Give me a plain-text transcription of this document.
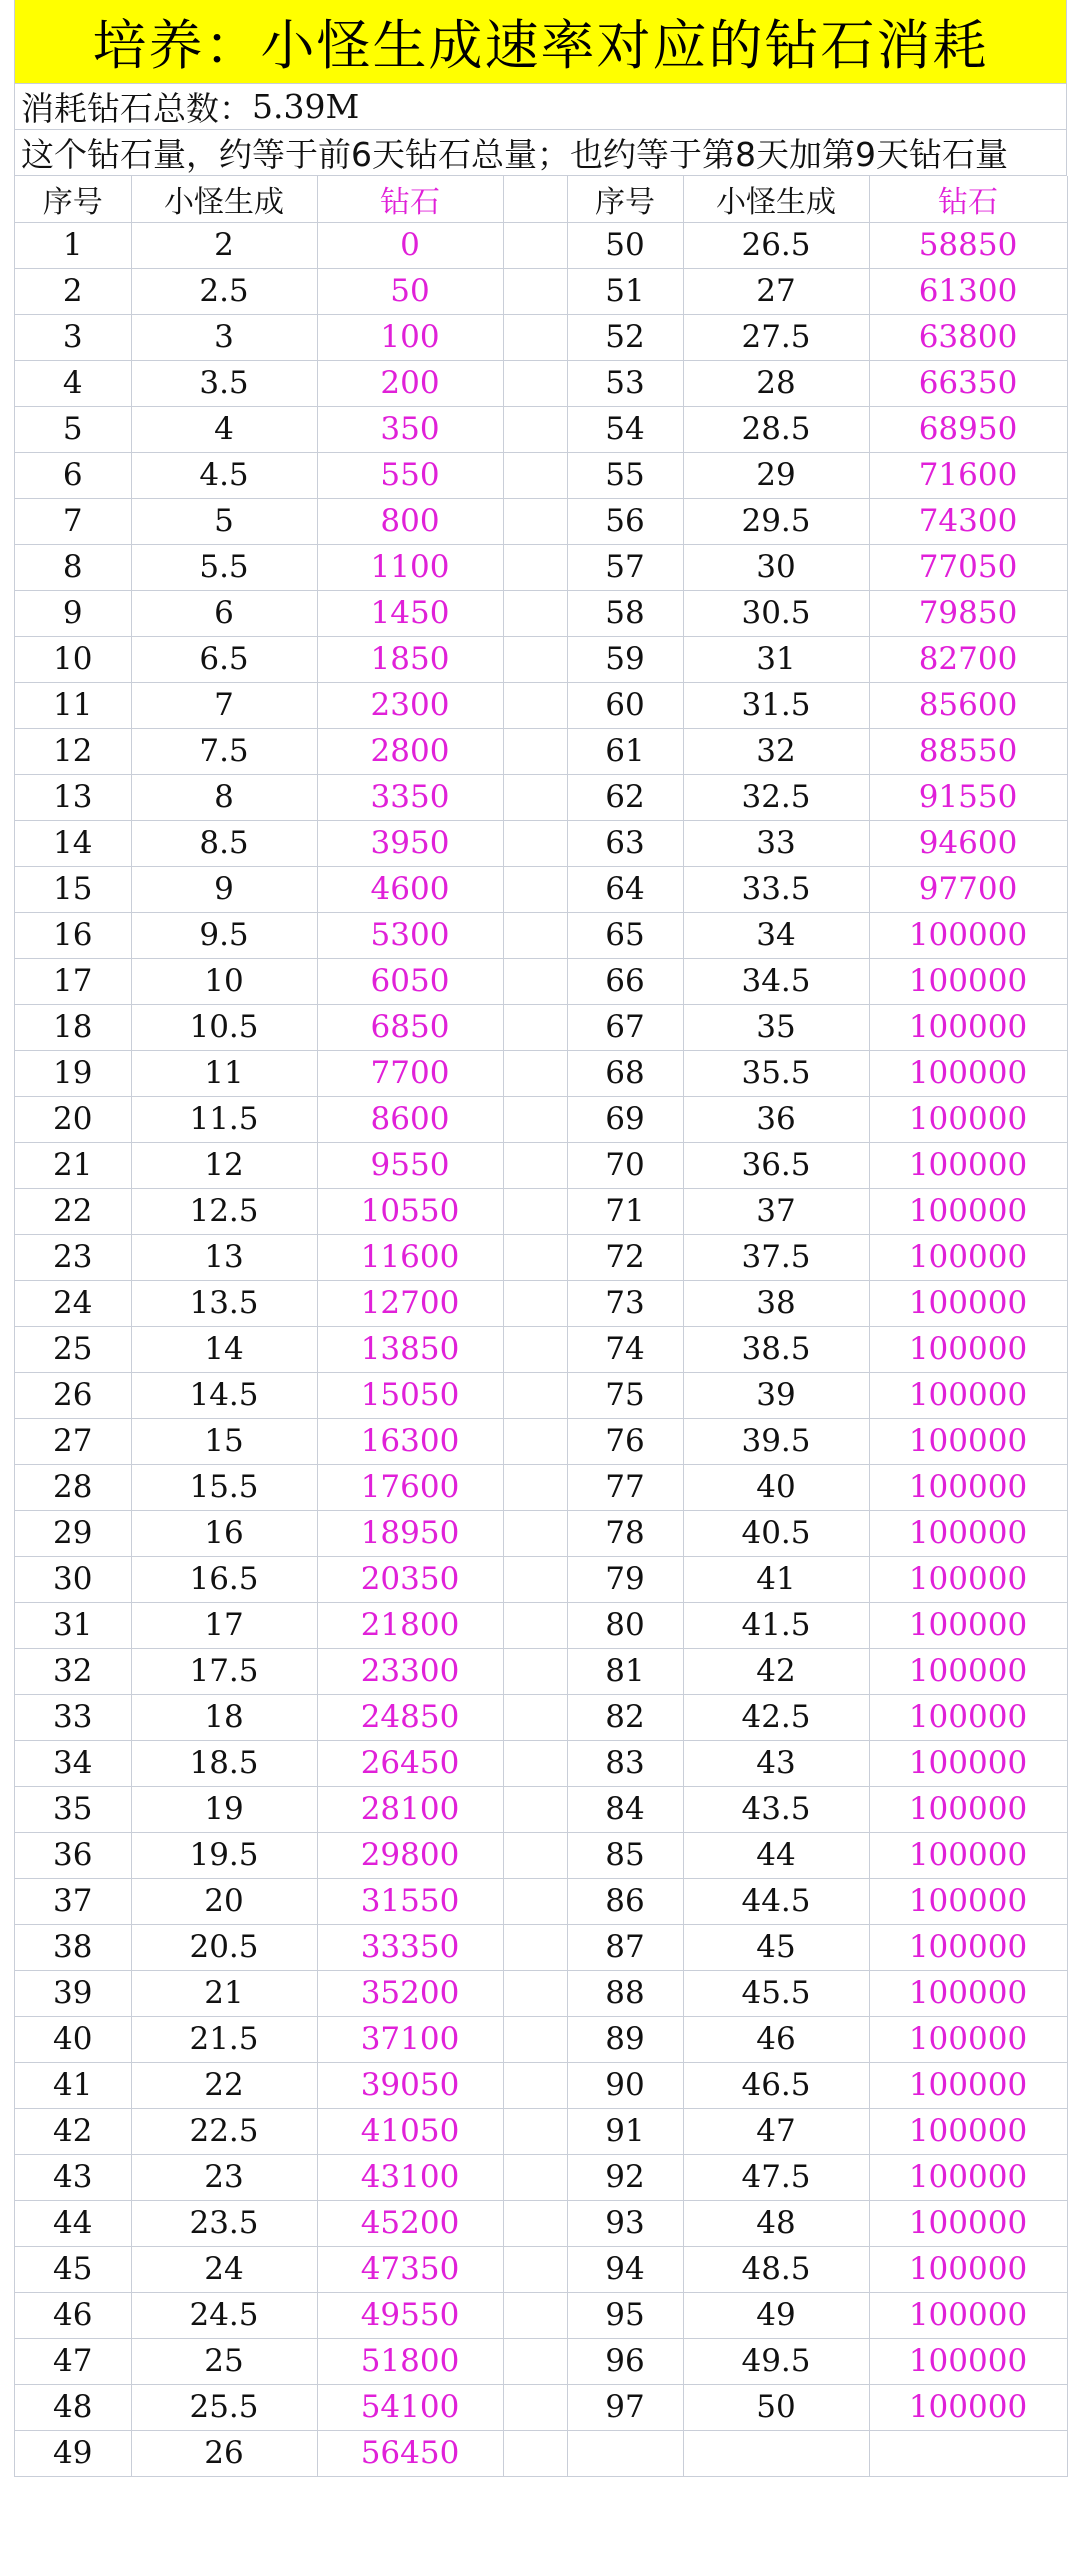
培养：小怪生成速率对应的钻石消耗
消耗钻石总数： 5.39M
这个钻石量，约等于前6天钻石总量；也约等于第8天加第9天钻石量
序号	小怪生成	钻石		序号	小怪生成	钻石
1	2	0		50	26.5	58850
2	2.5	50		51	27	61300
3	3	100		52	27.5	63800
4	3.5	200		53	28	66350
5	4	350		54	28.5	68950
6	4.5	550		55	29	71600
7	5	800		56	29.5	74300
8	5.5	1100		57	30	77050
9	6	1450		58	30.5	79850
10	6.5	1850		59	31	82700
11	7	2300		60	31.5	85600
12	7.5	2800		61	32	88550
13	8	3350		62	32.5	91550
14	8.5	3950		63	33	94600
15	9	4600		64	33.5	97700
16	9.5	5300		65	34	100000
17	10	6050		66	34.5	100000
18	10.5	6850		67	35	100000
19	11	7700		68	35.5	100000
20	11.5	8600		69	36	100000
21	12	9550		70	36.5	100000
22	12.5	10550		71	37	100000
23	13	11600		72	37.5	100000
24	13.5	12700		73	38	100000
25	14	13850		74	38.5	100000
26	14.5	15050		75	39	100000
27	15	16300		76	39.5	100000
28	15.5	17600		77	40	100000
29	16	18950		78	40.5	100000
30	16.5	20350		79	41	100000
31	17	21800		80	41.5	100000
32	17.5	23300		81	42	100000
33	18	24850		82	42.5	100000
34	18.5	26450		83	43	100000
35	19	28100		84	43.5	100000
36	19.5	29800		85	44	100000
37	20	31550		86	44.5	100000
38	20.5	33350		87	45	100000
39	21	35200		88	45.5	100000
40	21.5	37100		89	46	100000
41	22	39050		90	46.5	100000
42	22.5	41050		91	47	100000
43	23	43100		92	47.5	100000
44	23.5	45200		93	48	100000
45	24	47350		94	48.5	100000
46	24.5	49550		95	49	100000
47	25	51800		96	49.5	100000
48	25.5	54100		97	50	100000
49	26	56450				
